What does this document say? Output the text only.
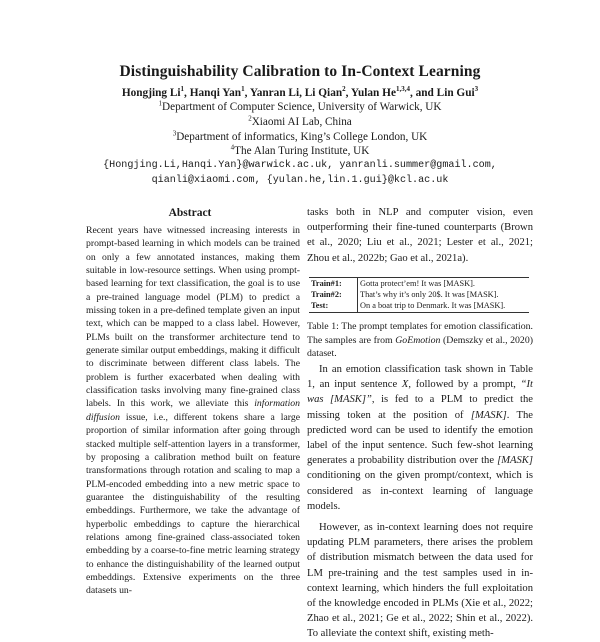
Distinguishability Calibration to In-Context Learning
Hongjing Li$^1$, Hanqi Yan$^1$, Yanran Li, Li Qian$^2$, Yulan He$^{1,3,4}$, and Lin Gui$^3$
$^1$Department of Computer Science, University of Warwick, UK
$^2$Xiaomi AI Lab, China
$^3$Department of informatics, King’s College London, UK
$^4$The Alan Turing Institute, UK
{Hongjing.Li,Hanqi.Yan}@warwick.ac.uk, yanranli.summer@gmail.com,
qianli@xiaomi.com, {yulan.he,lin.1.gui}@kcl.ac.uk
Abstract
Recent years have witnessed increasing interests in prompt-based learning in which models can be trained on only a few annotated instances, making them suitable in low-resource settings. When using prompt-based learning for text classification, the goal is to use a pre-trained language model (PLM) to predict a missing token in a pre-defined template given an input text, which can be mapped to a class label. However, PLMs built on the transformer architecture tend to generate similar output embeddings, making it difficult to discriminate between different class labels. The problem is further exacerbated when dealing with classification tasks involving many fine-grained class labels. In this work, we alleviate this information diffusion issue, i.e., different tokens share a large proportion of similar information after going through stacked multiple self-attention layers in a transformer, by proposing a calibration method built on feature transformations through rotation and scaling to map a PLM-encoded embedding into a new metric space to guarantee the distinguishability of the resulting embeddings. Furthermore, we take the advantage of hyperbolic embeddings to capture the hierarchical relations among fine-grained class-associated token embedding by a coarse-to-fine metric learning strategy to enhance the distinguishability of the learned output embeddings. Extensive experiments on the three datasets un-

tasks both in NLP and computer vision, even outperforming their fine-tuned counterparts (Brown et al., 2020; Liu et al., 2021; Lester et al., 2021; Zhou et al., 2022b; Gao et al., 2021a).

Train#1:	Gotta protect’em! It was [MASK].
Train#2:	That’s why it’s only 20$. It was [MASK].
Test:	On a boat trip to Denmark. It was [MASK].

Table 1: The prompt templates for emotion classification. The samples are from GoEmotion (Demszky et al., 2020) dataset.

In an emotion classification task shown in Table 1, an input sentence X, followed by a prompt, “It was [MASK]”, is fed to a PLM to predict the missing token at the position of [MASK]. The predicted word can be used to identify the emotion label of the input sentence. Such few-shot learning generates a probability distribution over the [MASK] conditioning on the given prompt/context, which is considered as in-context learning of language models.

However, as in-context learning does not require updating PLM parameters, there arises the problem of distribution mismatch between the data used for LM pre-training and the test samples used in in-context learning, which hinders the full exploitation of the knowledge encoded in PLMs (Xie et al., 2022; Zhao et al., 2021; Ge et al., 2022; Shin et al., 2022). To alleviate the context shift, existing meth-
